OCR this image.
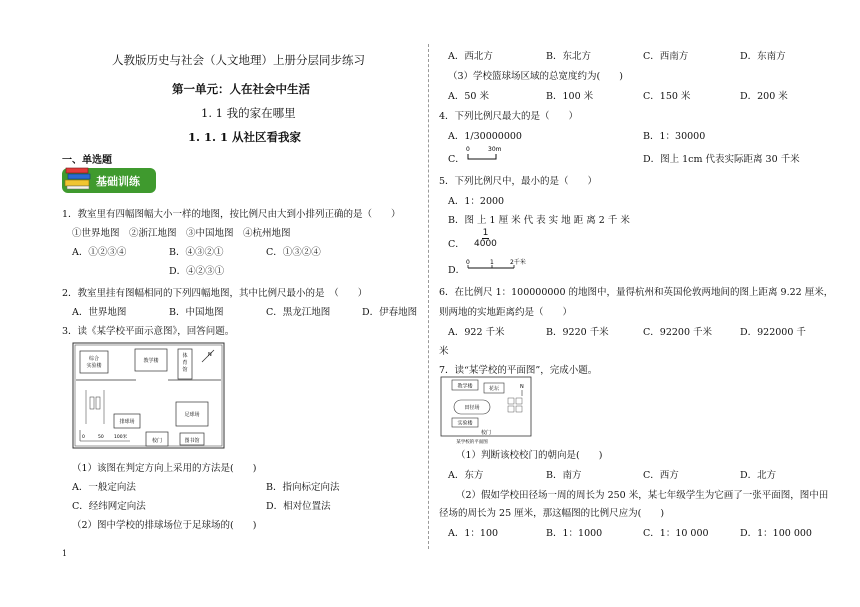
人教版历史与社会（人文地理）上册分层同步练习
第一单元：人在社会中生活
1. 1 我的家在哪里
1. 1. 1 从社区看我家
一、单选题
基础训练
1．教室里有四幅图幅大小一样的地图，按比例尺由大到小排列正确的是（　　）
①世界地图　②浙江地图　③中国地图　④杭州地图
A．①②③④	B．④③②①	C．①③②④
D．④②③①
2．教室里挂有图幅相同的下列四幅地图，其中比例尺最小的是　（　　）
A．世界地图	B．中国地图	C．黑龙江地图	D．伊春地图
3．读《某学校平面示意图》，回答问题。
综合
实验楼
教学楼
体
育
馆
N
排球场
足球场
校门	图书馆
0	50 100米
（1）该图在判定方向上采用的方法是(　　)
A．一般定向法	B．指向标定向法
C．经纬网定向法	D．相对位置法
（2）图中学校的排球场位于足球场的(　　)
1
A．西北方	B．东北方	C．西南方	D．东南方
（3）学校篮球场区域的总宽度约为(　　)
A．50 米	B．100 米	C．150 米	D．200 米
4．下列比例尺最大的是（　　）
A．1/30000000	B．1：30000
C．
0	30m
D．图上 1cm 代表实际距离 30 千米
5．下列比例尺中，最小的是（　　）
A．1：2000
B．图 上 1 厘 米 代 表 实 地 距 离 2 千 米
C． $\frac{1}{4000}$
D．
0	1	2千米
6．在比例尺 1：100000000 的地图中，量得杭州和英国伦敦两地间的图上距离 9.22 厘米，
则两地的实地距离约是（　　）
A．922 千米	B．9220 千米	C．92200 千米	D．922000 千
米
7．读“某学校的平面图”，完成小题。
教学楼	花坛
田径场
实验楼
N
校门
某学校的平面图
（1）判断该校校门的朝向是(　　)
A．东方	B．南方	C．西方	D．北方
（2）假如学校田径场一周的周长为 250 米，某七年级学生为它画了一张平面图，图中田
径场的周长为 25 厘米，那这幅图的比例尺应为(　　)
A．1：100	B．1：1000	C．1：10 000	D．1：100 000
